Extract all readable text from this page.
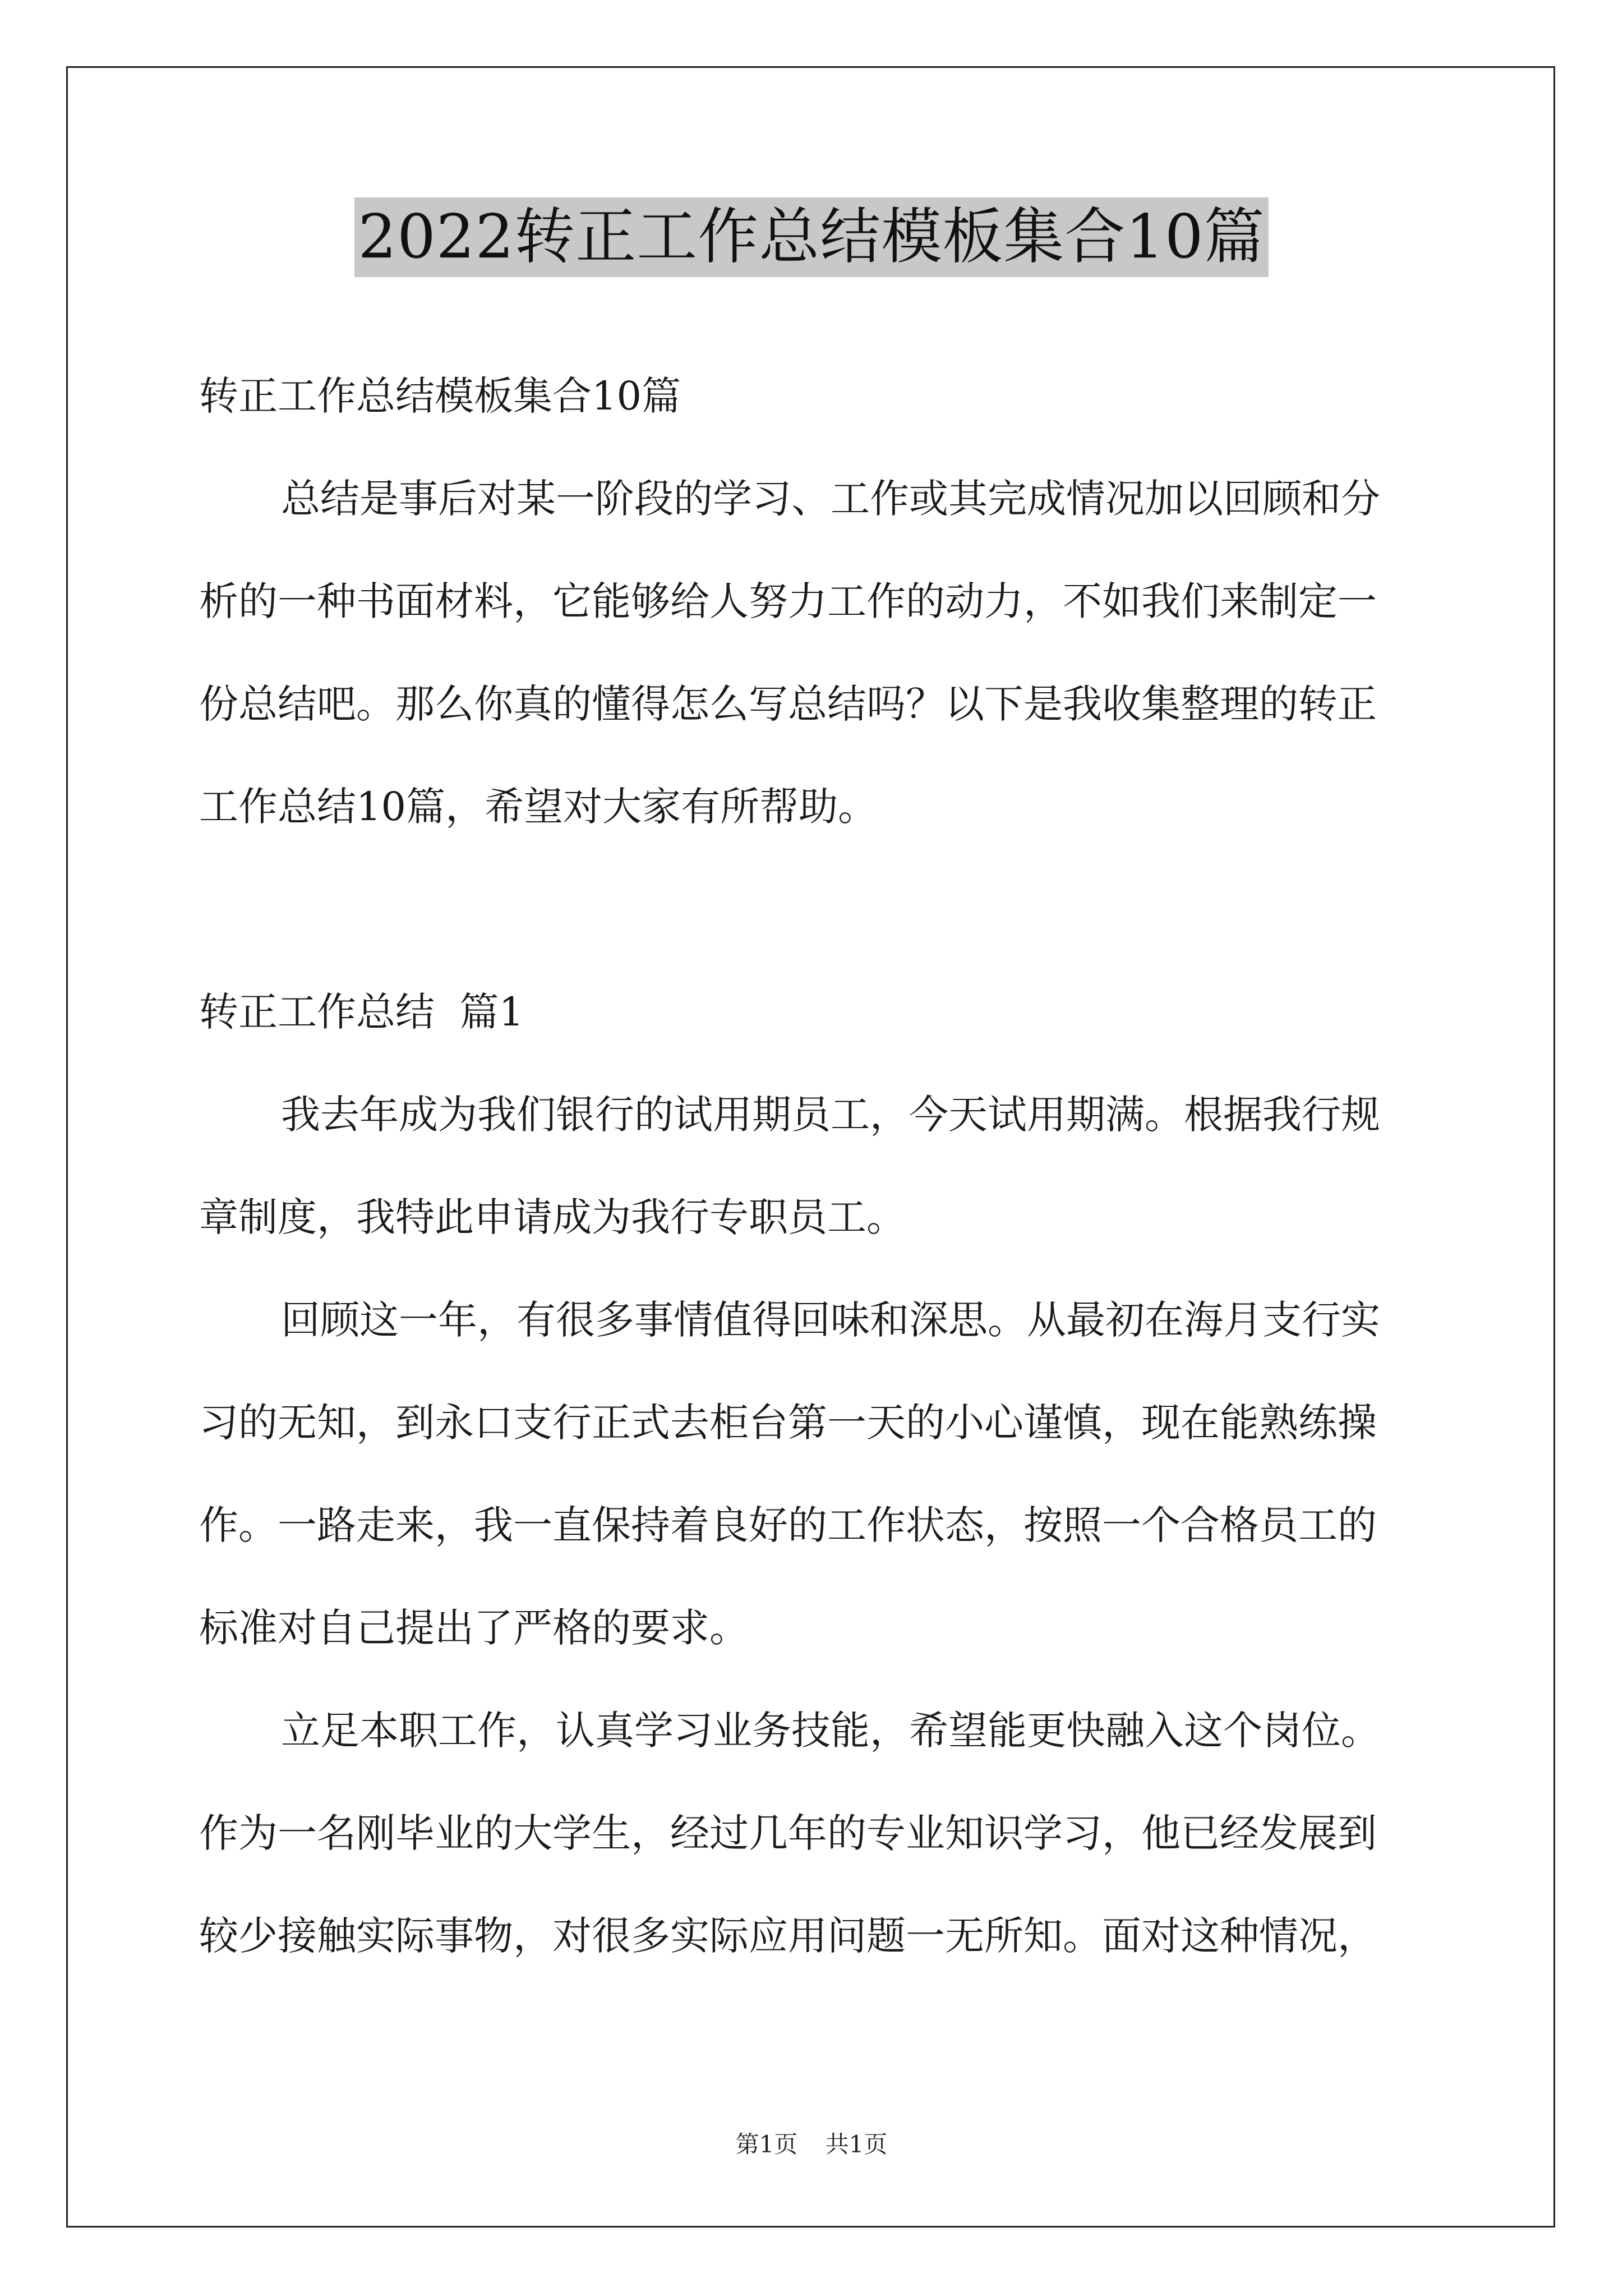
2022转正工作总结模板集合10篇
转正工作总结模板集合10篇
总结是事后对某一阶段的学习、工作或其完成情况加以回顾和分
析的一种书面材料，它能够给人努力工作的动力，不如我们来制定一
份总结吧。那么你真的懂得怎么写总结吗？以下是我收集整理的转正
工作总结10篇，希望对大家有所帮助。
转正工作总结  篇1
我去年成为我们银行的试用期员工，今天试用期满。根据我行规
章制度，我特此申请成为我行专职员工。
回顾这一年，有很多事情值得回味和深思。从最初在海月支行实
习的无知，到永口支行正式去柜台第一天的小心谨慎，现在能熟练操
作。一路走来，我一直保持着良好的工作状态，按照一个合格员工的
标准对自己提出了严格的要求。
立足本职工作，认真学习业务技能，希望能更快融入这个岗位。
作为一名刚毕业的大学生，经过几年的专业知识学习，他已经发展到
较少接触实际事物，对很多实际应用问题一无所知。面对这种情况，
第1页 共1页
